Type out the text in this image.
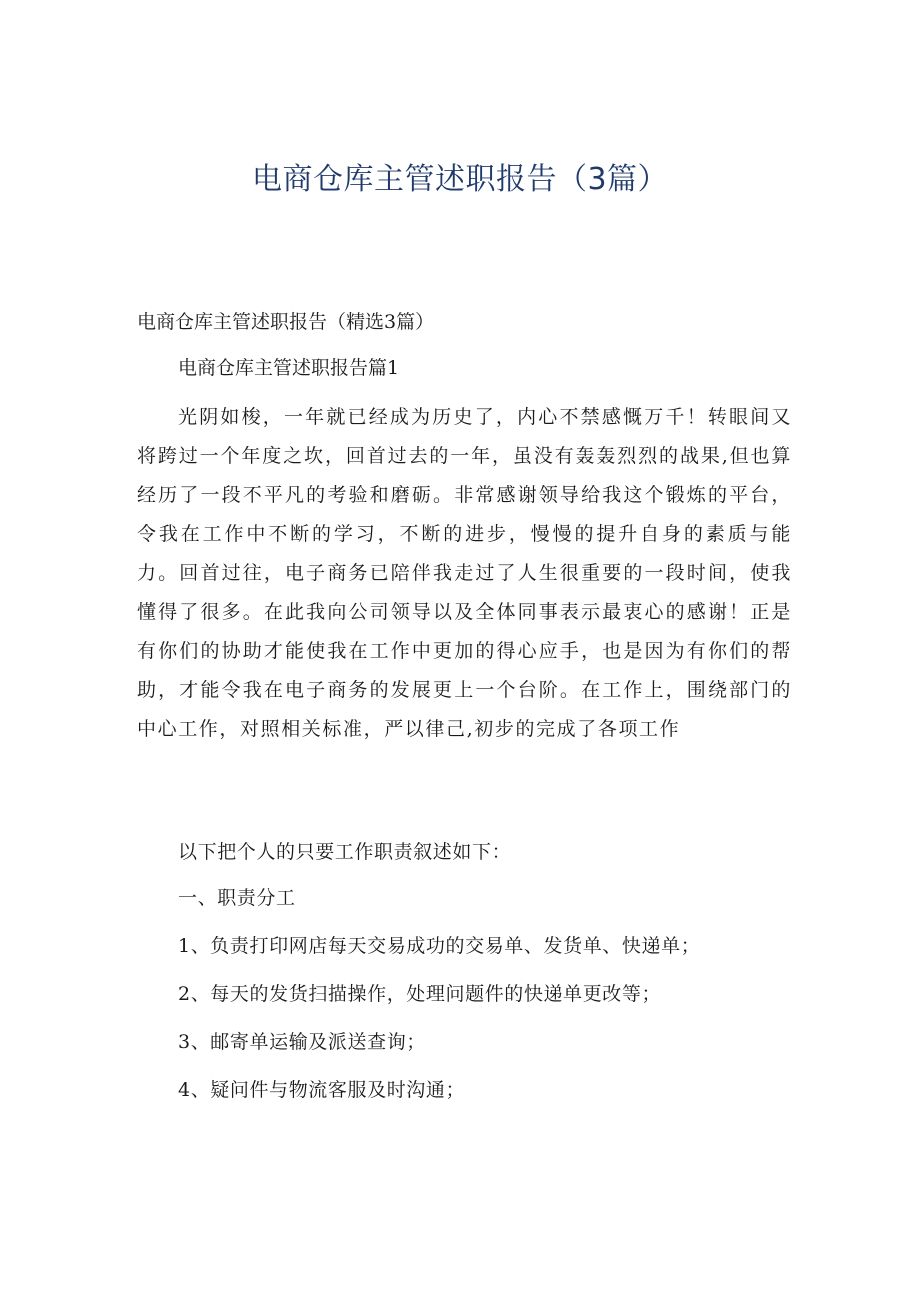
电商仓库主管述职报告（3篇）

电商仓库主管述职报告（精选3篇）

电商仓库主管述职报告篇1

光阴如梭，一年就已经成为历史了，内心不禁感慨万千！转眼间又将跨过一个年度之坎，回首过去的一年，虽没有轰轰烈烈的战果,但也算经历了一段不平凡的考验和磨砺。非常感谢领导给我这个锻炼的平台，令我在工作中不断的学习，不断的进步，慢慢的提升自身的素质与能力。回首过往，电子商务已陪伴我走过了人生很重要的一段时间，使我懂得了很多。在此我向公司领导以及全体同事表示最衷心的感谢！正是有你们的协助才能使我在工作中更加的得心应手，也是因为有你们的帮助，才能令我在电子商务的发展更上一个台阶。在工作上，围绕部门的中心工作，对照相关标准，严以律己,初步的完成了各项工作

以下把个人的只要工作职责叙述如下：

一、职责分工

1、负责打印网店每天交易成功的交易单、发货单、快递单；

2、每天的发货扫描操作，处理问题件的快递单更改等；

3、邮寄单运输及派送查询；

4、疑问件与物流客服及时沟通；
